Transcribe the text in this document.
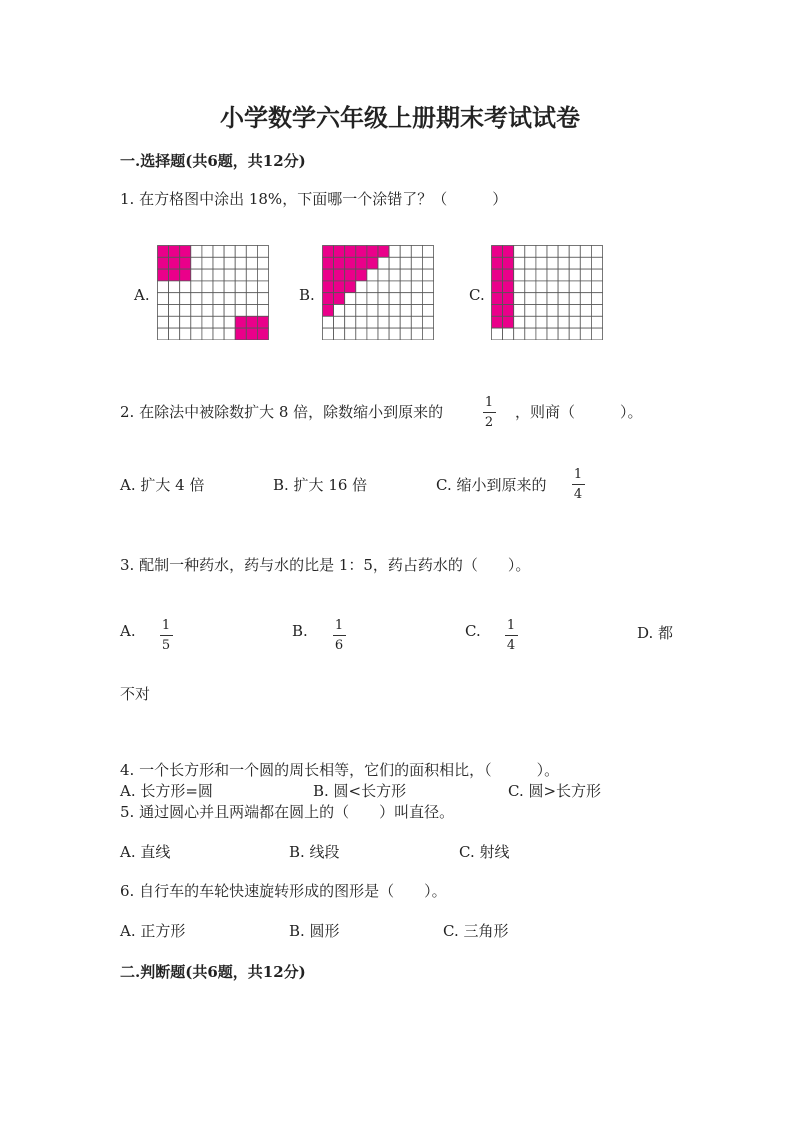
小学数学六年级上册期末考试试卷
一.选择题(共6题，共12分)
1. 在方格图中涂出 18%，下面哪一个涂错了？（　　　）
A.	B.	C.
2. 在除法中被除数扩大 8 倍，除数缩小到原来的
1
2
，则商（　　　）。
A. 扩大 4 倍	B. 扩大 16 倍	C. 缩小到原来的
1
4
3. 配制一种药水，药与水的比是 1：5，药占药水的（　　）。
A. 1
5
B. 1
6
C. 1
4
D. 都
不对
4. 一个长方形和一个圆的周长相等，它们的面积相比，（　　　）。
A. 长方形=圆	B. 圆<长方形	C. 圆>长方形
5. 通过圆心并且两端都在圆上的（　　）叫直径。
A. 直线	B. 线段	C. 射线
6. 自行车的车轮快速旋转形成的图形是（　　）。
A. 正方形	B. 圆形	C. 三角形
二.判断题(共6题，共12分)
